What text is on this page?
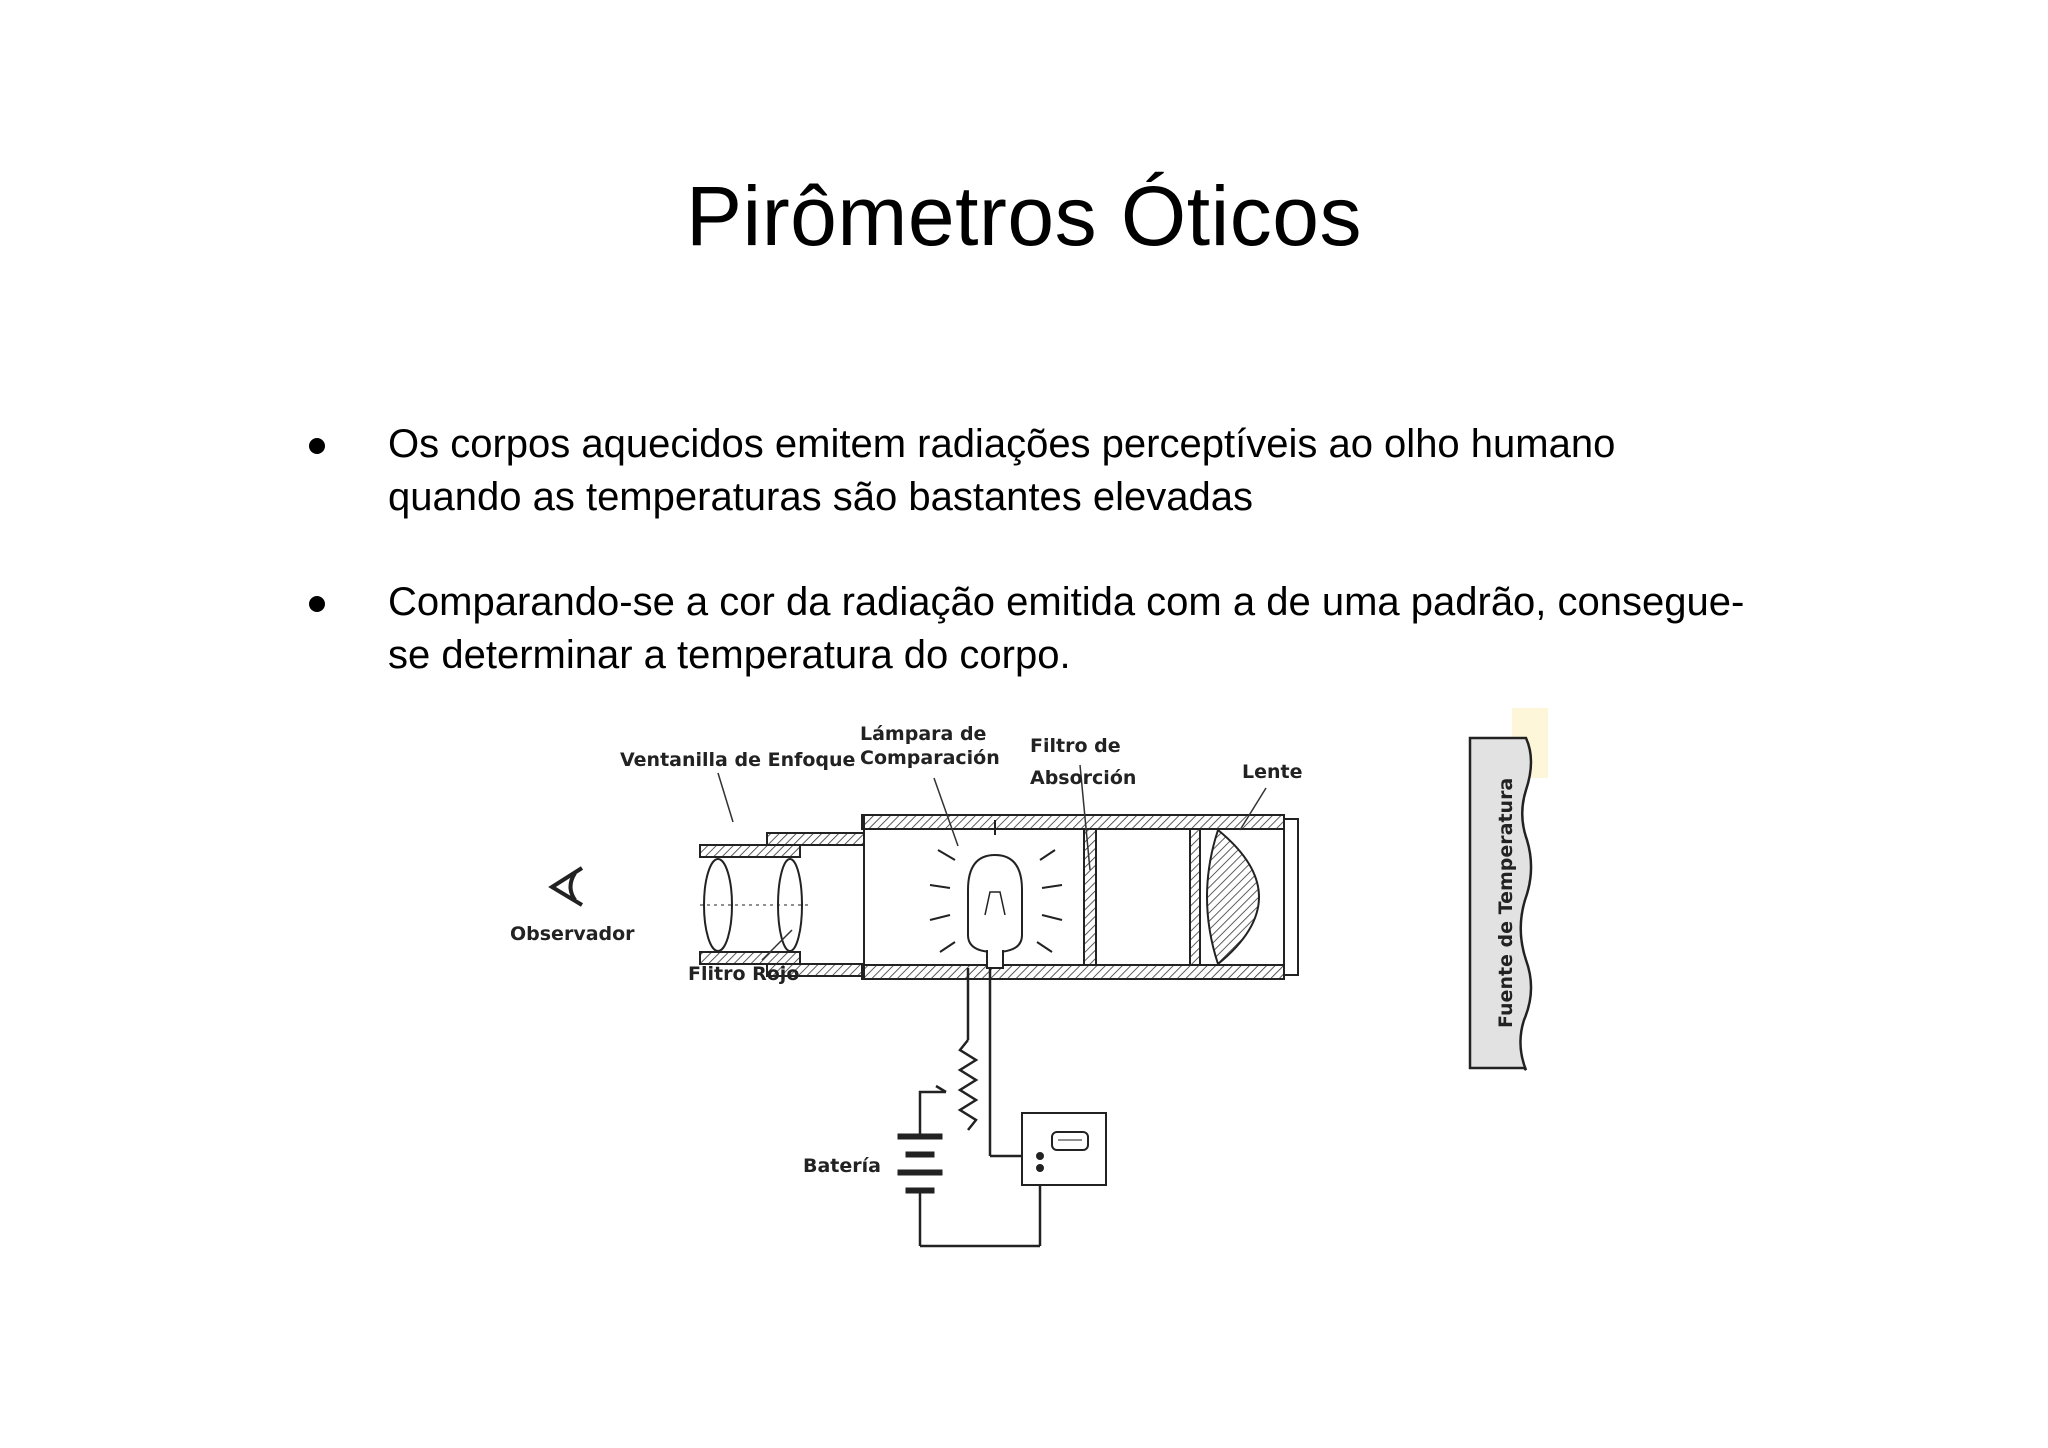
Pirômetros Óticos
Os corpos aquecidos emitem radiações perceptíveis ao olho humano
quando as temperaturas são bastantes elevadas
Comparando-se a cor da radiação emitida com a de uma padrão, consegue-
se determinar a temperatura do corpo.
Ventanilla de Enfoque
Lámpara de
Comparación
Filtro de
Absorción	Lente
Observador
Flitro Rojo
Batería
Fuente de Temperatura
